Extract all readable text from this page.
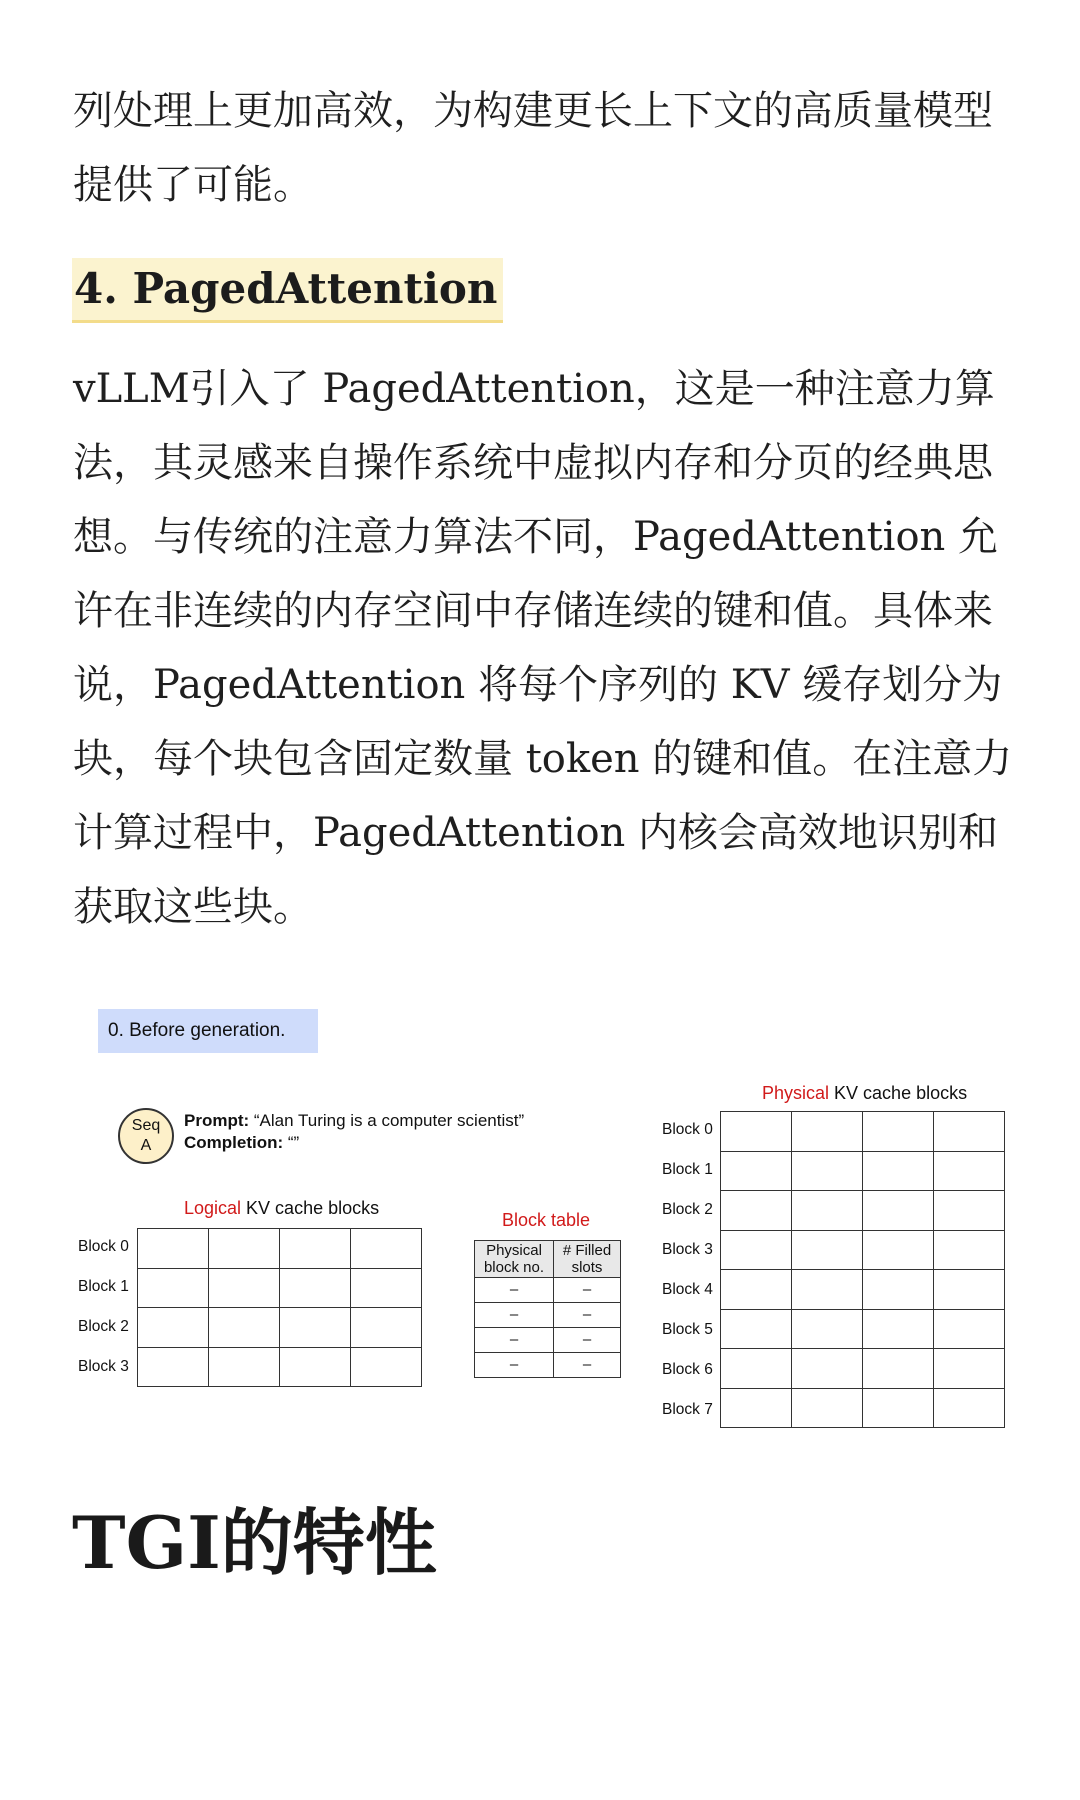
列处理上更加高效，为构建更长上下文的高质量模型提供了可能。

4. PagedAttention

vLLM引入了 PagedAttention，这是一种注意力算法，其灵感来自操作系统中虚拟内存和分页的经典思想。与传统的注意力算法不同，PagedAttention 允许在非连续的内存空间中存储连续的键和值。具体来说，PagedAttention 将每个序列的 KV 缓存划分为块，每个块包含固定数量 token 的键和值。在注意力计算过程中，PagedAttention 内核会高效地识别和获取这些块。

0. Before generation.
Seq
A
Prompt: “Alan Turing is a computer scientist”
Completion: “”
Logical KV cache blocks
Block 0
Block 1
Block 2
Block 3

Block table
Physical block no.	# Filled slots
–	–
–	–
–	–
–	–
Physical KV cache blocks
Block 0
Block 1
Block 2
Block 3
Block 4
Block 5
Block 6
Block 7

TGI的特性
